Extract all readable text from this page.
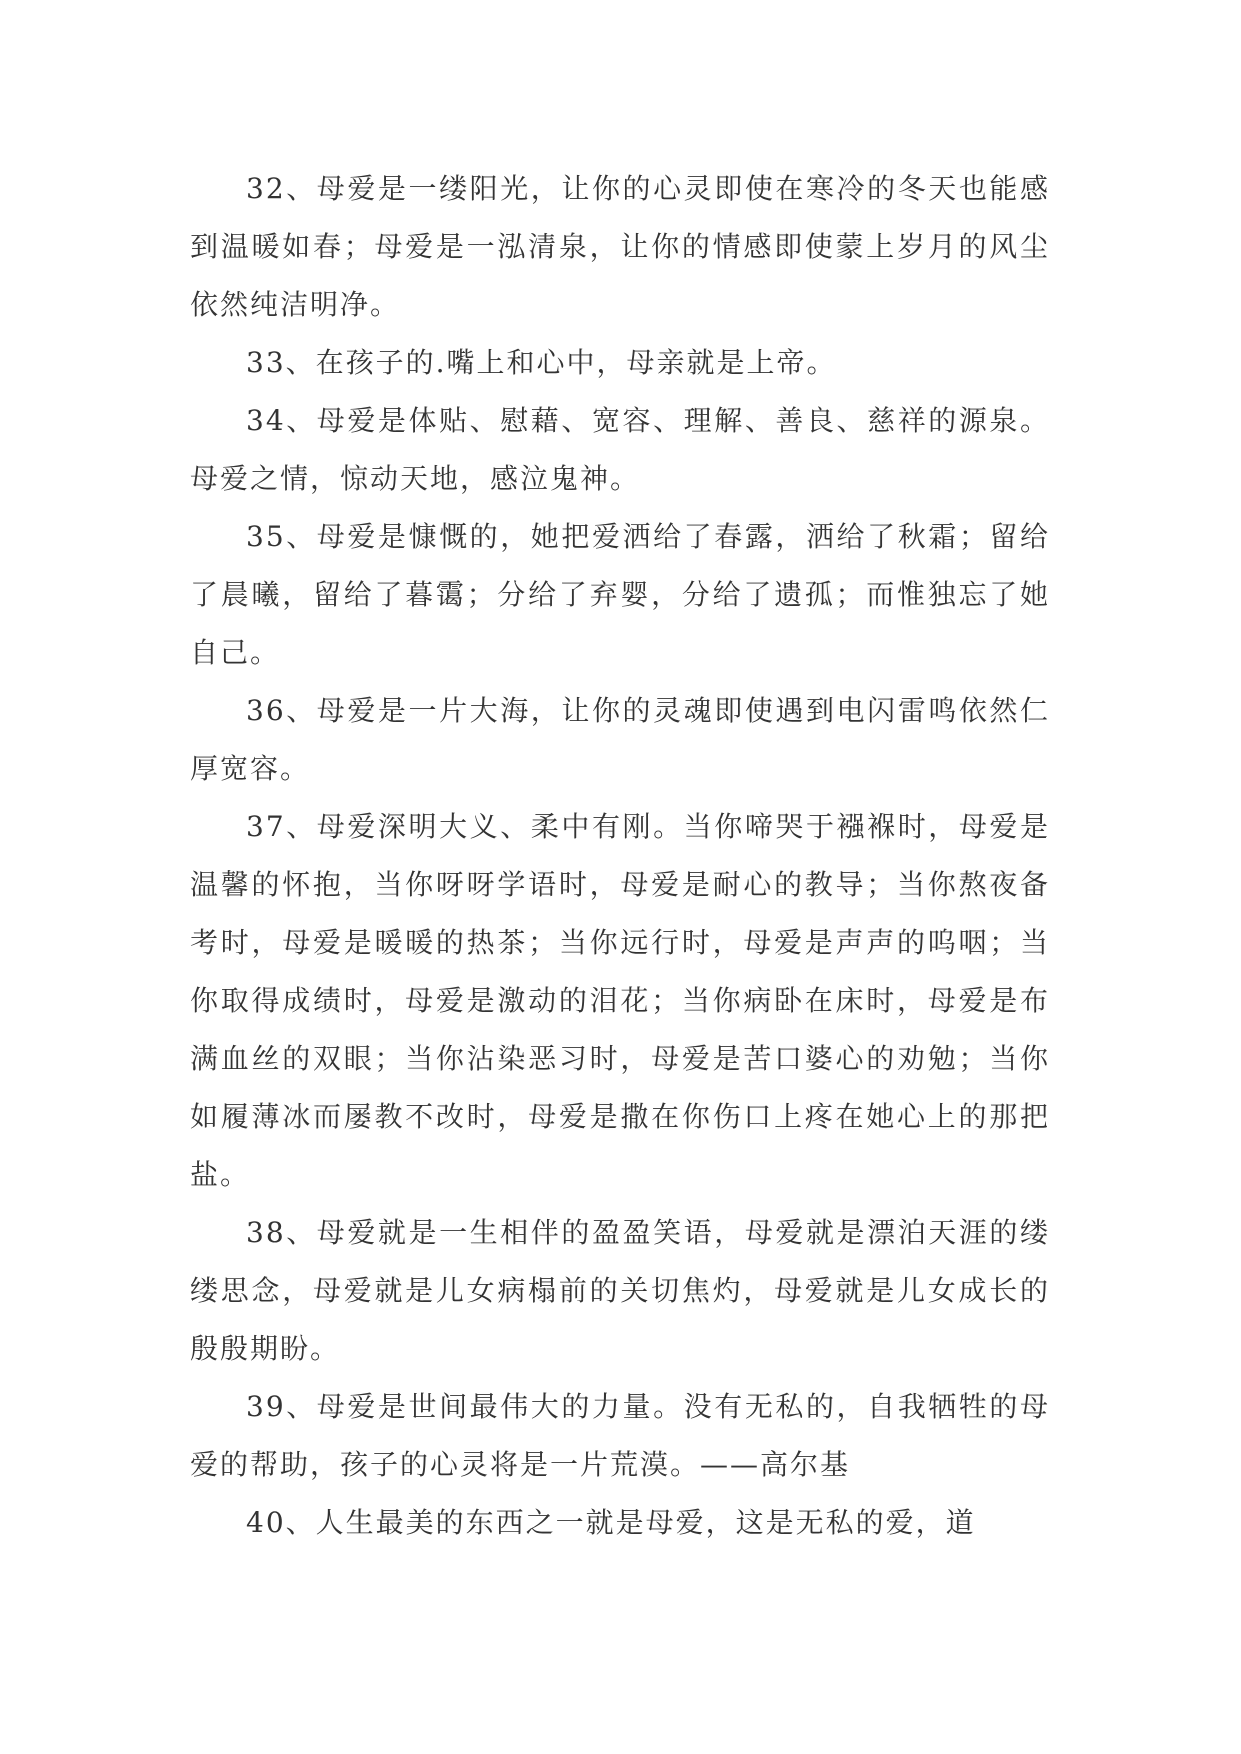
32、母爱是一缕阳光，让你的心灵即使在寒冷的冬天也能感到温暖如春；母爱是一泓清泉，让你的情感即使蒙上岁月的风尘依然纯洁明净。

33、在孩子的.嘴上和心中，母亲就是上帝。

34、母爱是体贴、慰藉、宽容、理解、善良、慈祥的源泉。母爱之情，惊动天地，感泣鬼神。

35、母爱是慷慨的，她把爱洒给了春露，洒给了秋霜；留给了晨曦，留给了暮霭；分给了弃婴，分给了遗孤；而惟独忘了她自己。

36、母爱是一片大海，让你的灵魂即使遇到电闪雷鸣依然仁厚宽容。

37、母爱深明大义、柔中有刚。当你啼哭于襁褓时，母爱是温馨的怀抱，当你呀呀学语时，母爱是耐心的教导；当你熬夜备考时，母爱是暖暖的热茶；当你远行时，母爱是声声的呜咽；当你取得成绩时，母爱是激动的泪花；当你病卧在床时，母爱是布满血丝的双眼；当你沾染恶习时，母爱是苦口婆心的劝勉；当你如履薄冰而屡教不改时，母爱是撒在你伤口上疼在她心上的那把盐。

38、母爱就是一生相伴的盈盈笑语，母爱就是漂泊天涯的缕缕思念，母爱就是儿女病榻前的关切焦灼，母爱就是儿女成长的殷殷期盼。

39、母爱是世间最伟大的力量。没有无私的，自我牺牲的母爱的帮助，孩子的心灵将是一片荒漠。——高尔基

40、人生最美的东西之一就是母爱，这是无私的爱，道
